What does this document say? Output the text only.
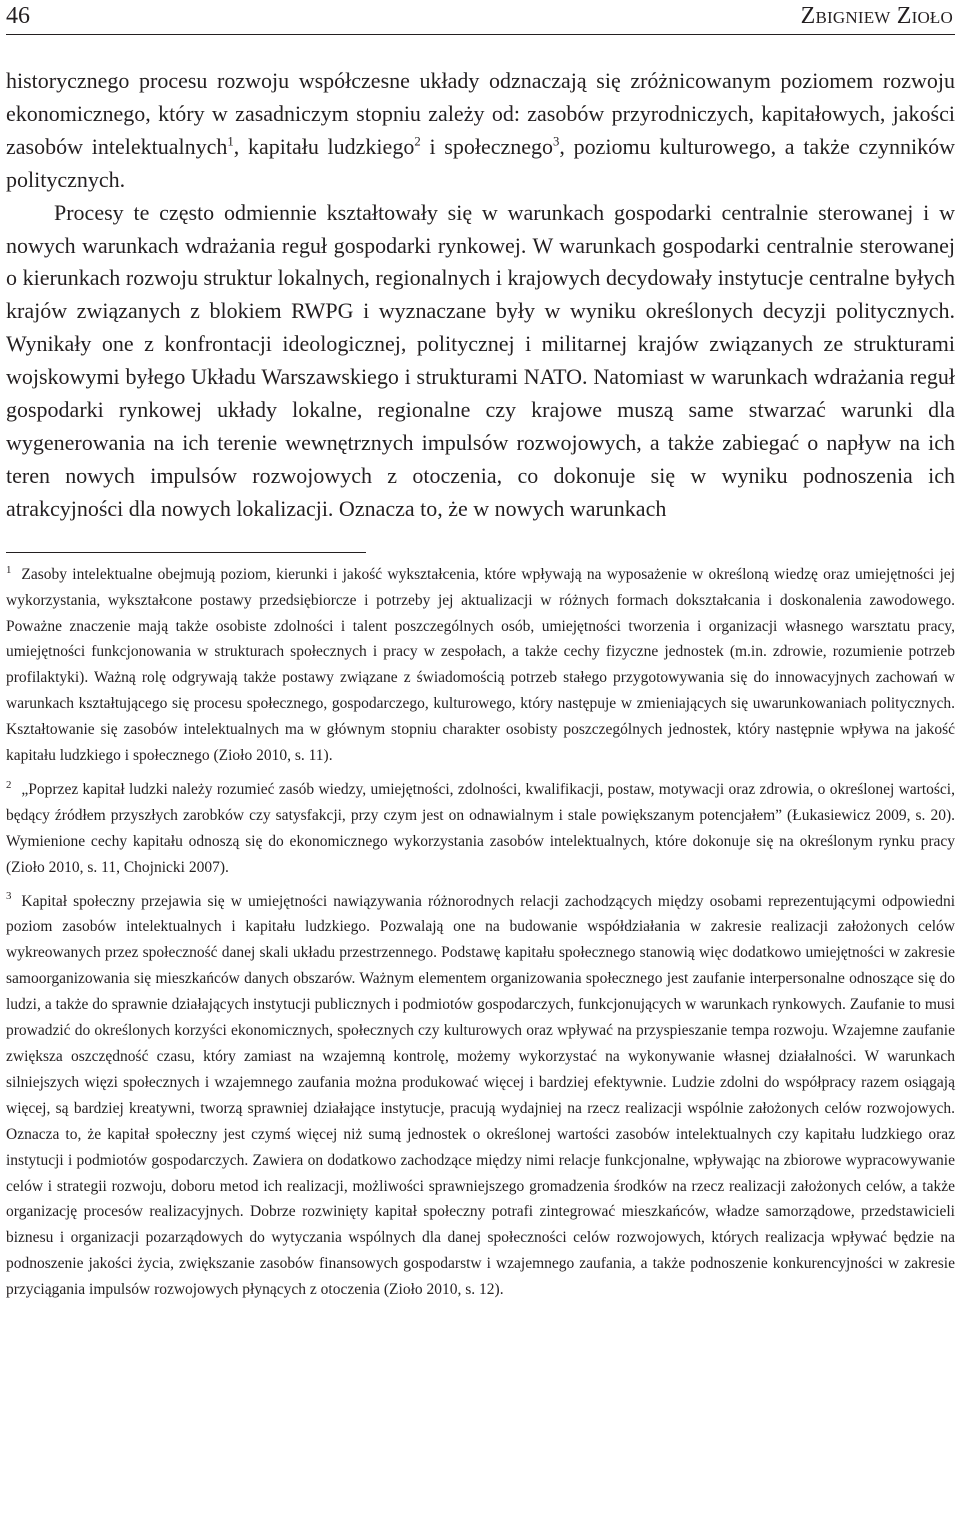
46	Zbigniew Zioło

historycznego procesu rozwoju współczesne układy odznaczają się zróżnicowanym poziomem rozwoju ekonomicznego, który w zasadniczym stopniu zależy od: zasobów przyrodniczych, kapitałowych, jakości zasobów intelektualnych$^1$, kapitału ludzkiego$^2$ i społecznego$^3$, poziomu kulturowego, a także czynników politycznych.

Procesy te często odmiennie kształtowały się w warunkach gospodarki centralnie sterowanej i w nowych warunkach wdrażania reguł gospodarki rynkowej. W warunkach gospodarki centralnie sterowanej o kierunkach rozwoju struktur lokalnych, regionalnych i krajowych decydowały instytucje centralne byłych krajów związanych z blokiem RWPG i wyznaczane były w wyniku określonych decyzji politycznych. Wynikały one z konfrontacji ideologicznej, politycznej i militarnej krajów związanych ze strukturami wojskowymi byłego Układu Warszawskiego i strukturami NATO. Natomiast w warunkach wdrażania reguł gospodarki rynkowej układy lokalne, regionalne czy krajowe muszą same stwarzać warunki dla wygenerowania na ich terenie wewnętrznych impulsów rozwojowych, a także zabiegać o napływ na ich teren nowych impulsów rozwojowych z otoczenia, co dokonuje się w wyniku podnoszenia ich atrakcyjności dla nowych lokalizacji. Oznacza to, że w nowych warunkach

$^1$ Zasoby intelektualne obejmują poziom, kierunki i jakość wykształcenia, które wpływają na wyposażenie w określoną wiedzę oraz umiejętności jej wykorzystania, wykształcone postawy przedsiębiorcze i potrzeby jej aktualizacji w różnych formach dokształcania i doskonalenia zawodowego. Poważne znaczenie mają także osobiste zdolności i talent poszczególnych osób, umiejętności tworzenia i organizacji własnego warsztatu pracy, umiejętności funkcjonowania w strukturach społecznych i pracy w zespołach, a także cechy fizyczne jednostek (m.in. zdrowie, rozumienie potrzeb profilaktyki). Ważną rolę odgrywają także postawy związane z świadomością potrzeb stałego przygotowywania się do innowacyjnych zachowań w warunkach kształtującego się procesu społecznego, gospodarczego, kulturowego, który następuje w zmieniających się uwarunkowaniach politycznych. Kształtowanie się zasobów intelektualnych ma w głównym stopniu charakter osobisty poszczególnych jednostek, który następnie wpływa na jakość kapitału ludzkiego i społecznego (Zioło 2010, s. 11).

$^2$ „Poprzez kapitał ludzki należy rozumieć zasób wiedzy, umiejętności, zdolności, kwalifikacji, postaw, motywacji oraz zdrowia, o określonej wartości, będący źródłem przyszłych zarobków czy satysfakcji, przy czym jest on odnawialnym i stale powiększanym potencjałem” (Łukasiewicz 2009, s. 20). Wymienione cechy kapitału odnoszą się do ekonomicznego wykorzystania zasobów intelektualnych, które dokonuje się na określonym rynku pracy (Zioło 2010, s. 11, Chojnicki 2007).

$^3$ Kapitał społeczny przejawia się w umiejętności nawiązywania różnorodnych relacji zachodzących między osobami reprezentującymi odpowiedni poziom zasobów intelektualnych i kapitału ludzkiego. Pozwalają one na budowanie współdziałania w zakresie realizacji założonych celów wykreowanych przez społeczność danej skali układu przestrzennego. Podstawę kapitału społecznego stanowią więc dodatkowo umiejętności w zakresie samoorganizowania się mieszkańców danych obszarów. Ważnym elementem organizowania społecznego jest zaufanie interpersonalne odnoszące się do ludzi, a także do sprawnie działających instytucji publicznych i podmiotów gospodarczych, funkcjonujących w warunkach rynkowych. Zaufanie to musi prowadzić do określonych korzyści ekonomicznych, społecznych czy kulturowych oraz wpływać na przyspieszanie tempa rozwoju. Wzajemne zaufanie zwiększa oszczędność czasu, który zamiast na wzajemną kontrolę, możemy wykorzystać na wykonywanie własnej działalności. W warunkach silniejszych więzi społecznych i wzajemnego zaufania można produkować więcej i bardziej efektywnie. Ludzie zdolni do współpracy razem osiągają więcej, są bardziej kreatywni, tworzą sprawniej działające instytucje, pracują wydajniej na rzecz realizacji wspólnie założonych celów rozwojowych. Oznacza to, że kapitał społeczny jest czymś więcej niż sumą jednostek o określonej wartości zasobów intelektualnych czy kapitału ludzkiego oraz instytucji i podmiotów gospodarczych. Zawiera on dodatkowo zachodzące między nimi relacje funkcjonalne, wpływając na zbiorowe wypracowywanie celów i strategii rozwoju, doboru metod ich realizacji, możliwości sprawniejszego gromadzenia środków na rzecz realizacji założonych celów, a także organizację procesów realizacyjnych. Dobrze rozwinięty kapitał społeczny potrafi zintegrować mieszkańców, władze samorządowe, przedstawicieli biznesu i organizacji pozarządowych do wytyczania wspólnych dla danej społeczności celów rozwojowych, których realizacja wpływać będzie na podnoszenie jakości życia, zwiększanie zasobów finansowych gospodarstw i wzajemnego zaufania, a także podnoszenie konkurencyjności w zakresie przyciągania impulsów rozwojowych płynących z otoczenia (Zioło 2010, s. 12).
